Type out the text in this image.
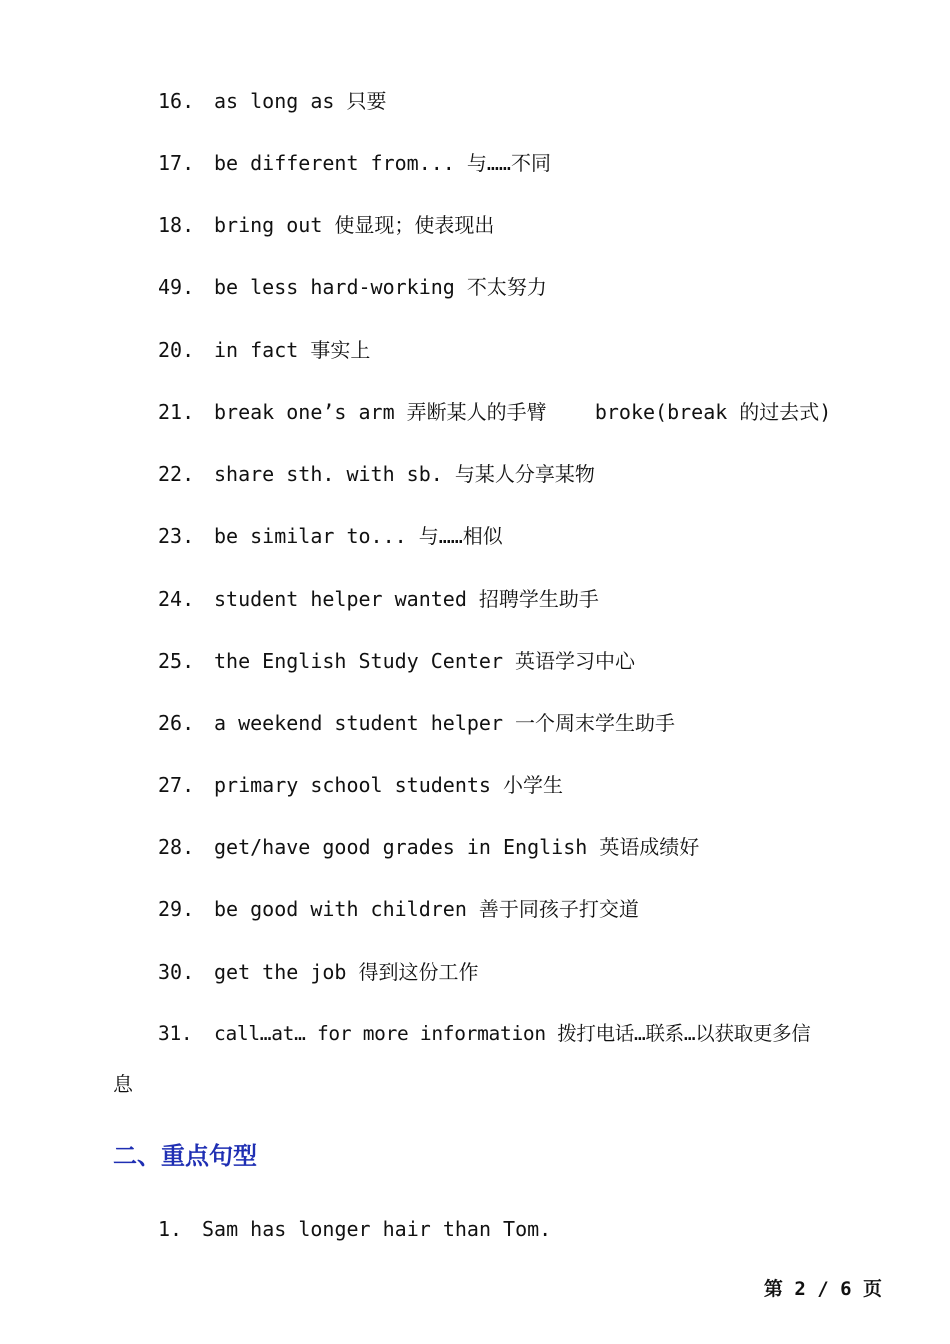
16. as long as 只要
17. be different from... 与……不同
18. bring out 使显现；使表现出
49. be less hard-working 不太努力
20. in fact 事实上
21. break one’s arm 弄断某人的手臂    broke(break 的过去式)
22. share sth. with sb. 与某人分享某物
23. be similar to... 与……相似
24. student helper wanted 招聘学生助手
25. the English Study Center 英语学习中心
26. a weekend student helper 一个周末学生助手
27. primary school students 小学生
28. get/have good grades in English 英语成绩好
29. be good with children 善于同孩子打交道
30. get the job 得到这份工作
31. call…at… for more information 拨打电话…联系…以获取更多信
息
二、重点句型
1. Sam has longer hair than Tom.
第 2 / 6 页
